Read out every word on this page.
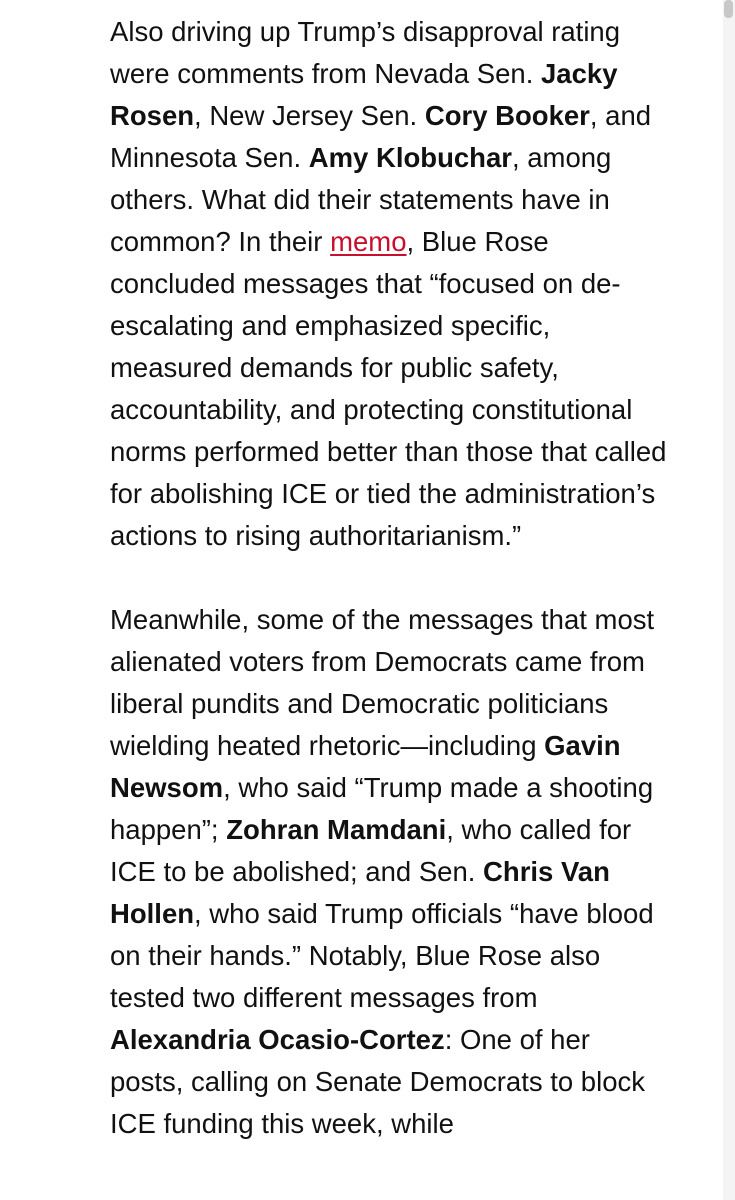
Also driving up Trump’s disapproval rating were comments from Nevada Sen. Jacky Rosen, New Jersey Sen. Cory Booker, and Minnesota Sen. Amy Klobuchar, among others. What did their statements have in common? In their memo, Blue Rose concluded messages that “focused on de-escalating and emphasized specific, measured demands for public safety, accountability, and protecting constitutional norms performed better than those that called for abolishing ICE or tied the administration’s actions to rising authoritarianism.”

Meanwhile, some of the messages that most alienated voters from Democrats came from liberal pundits and Democratic politicians wielding heated rhetoric—including Gavin Newsom, who said “Trump made a shooting happen”; Zohran Mamdani, who called for ICE to be abolished; and Sen. Chris Van Hollen, who said Trump officials “have blood on their hands.” Notably, Blue Rose also tested two different messages from Alexandria Ocasio-Cortez: One of her posts, calling on Senate Democrats to block ICE funding this week, while
